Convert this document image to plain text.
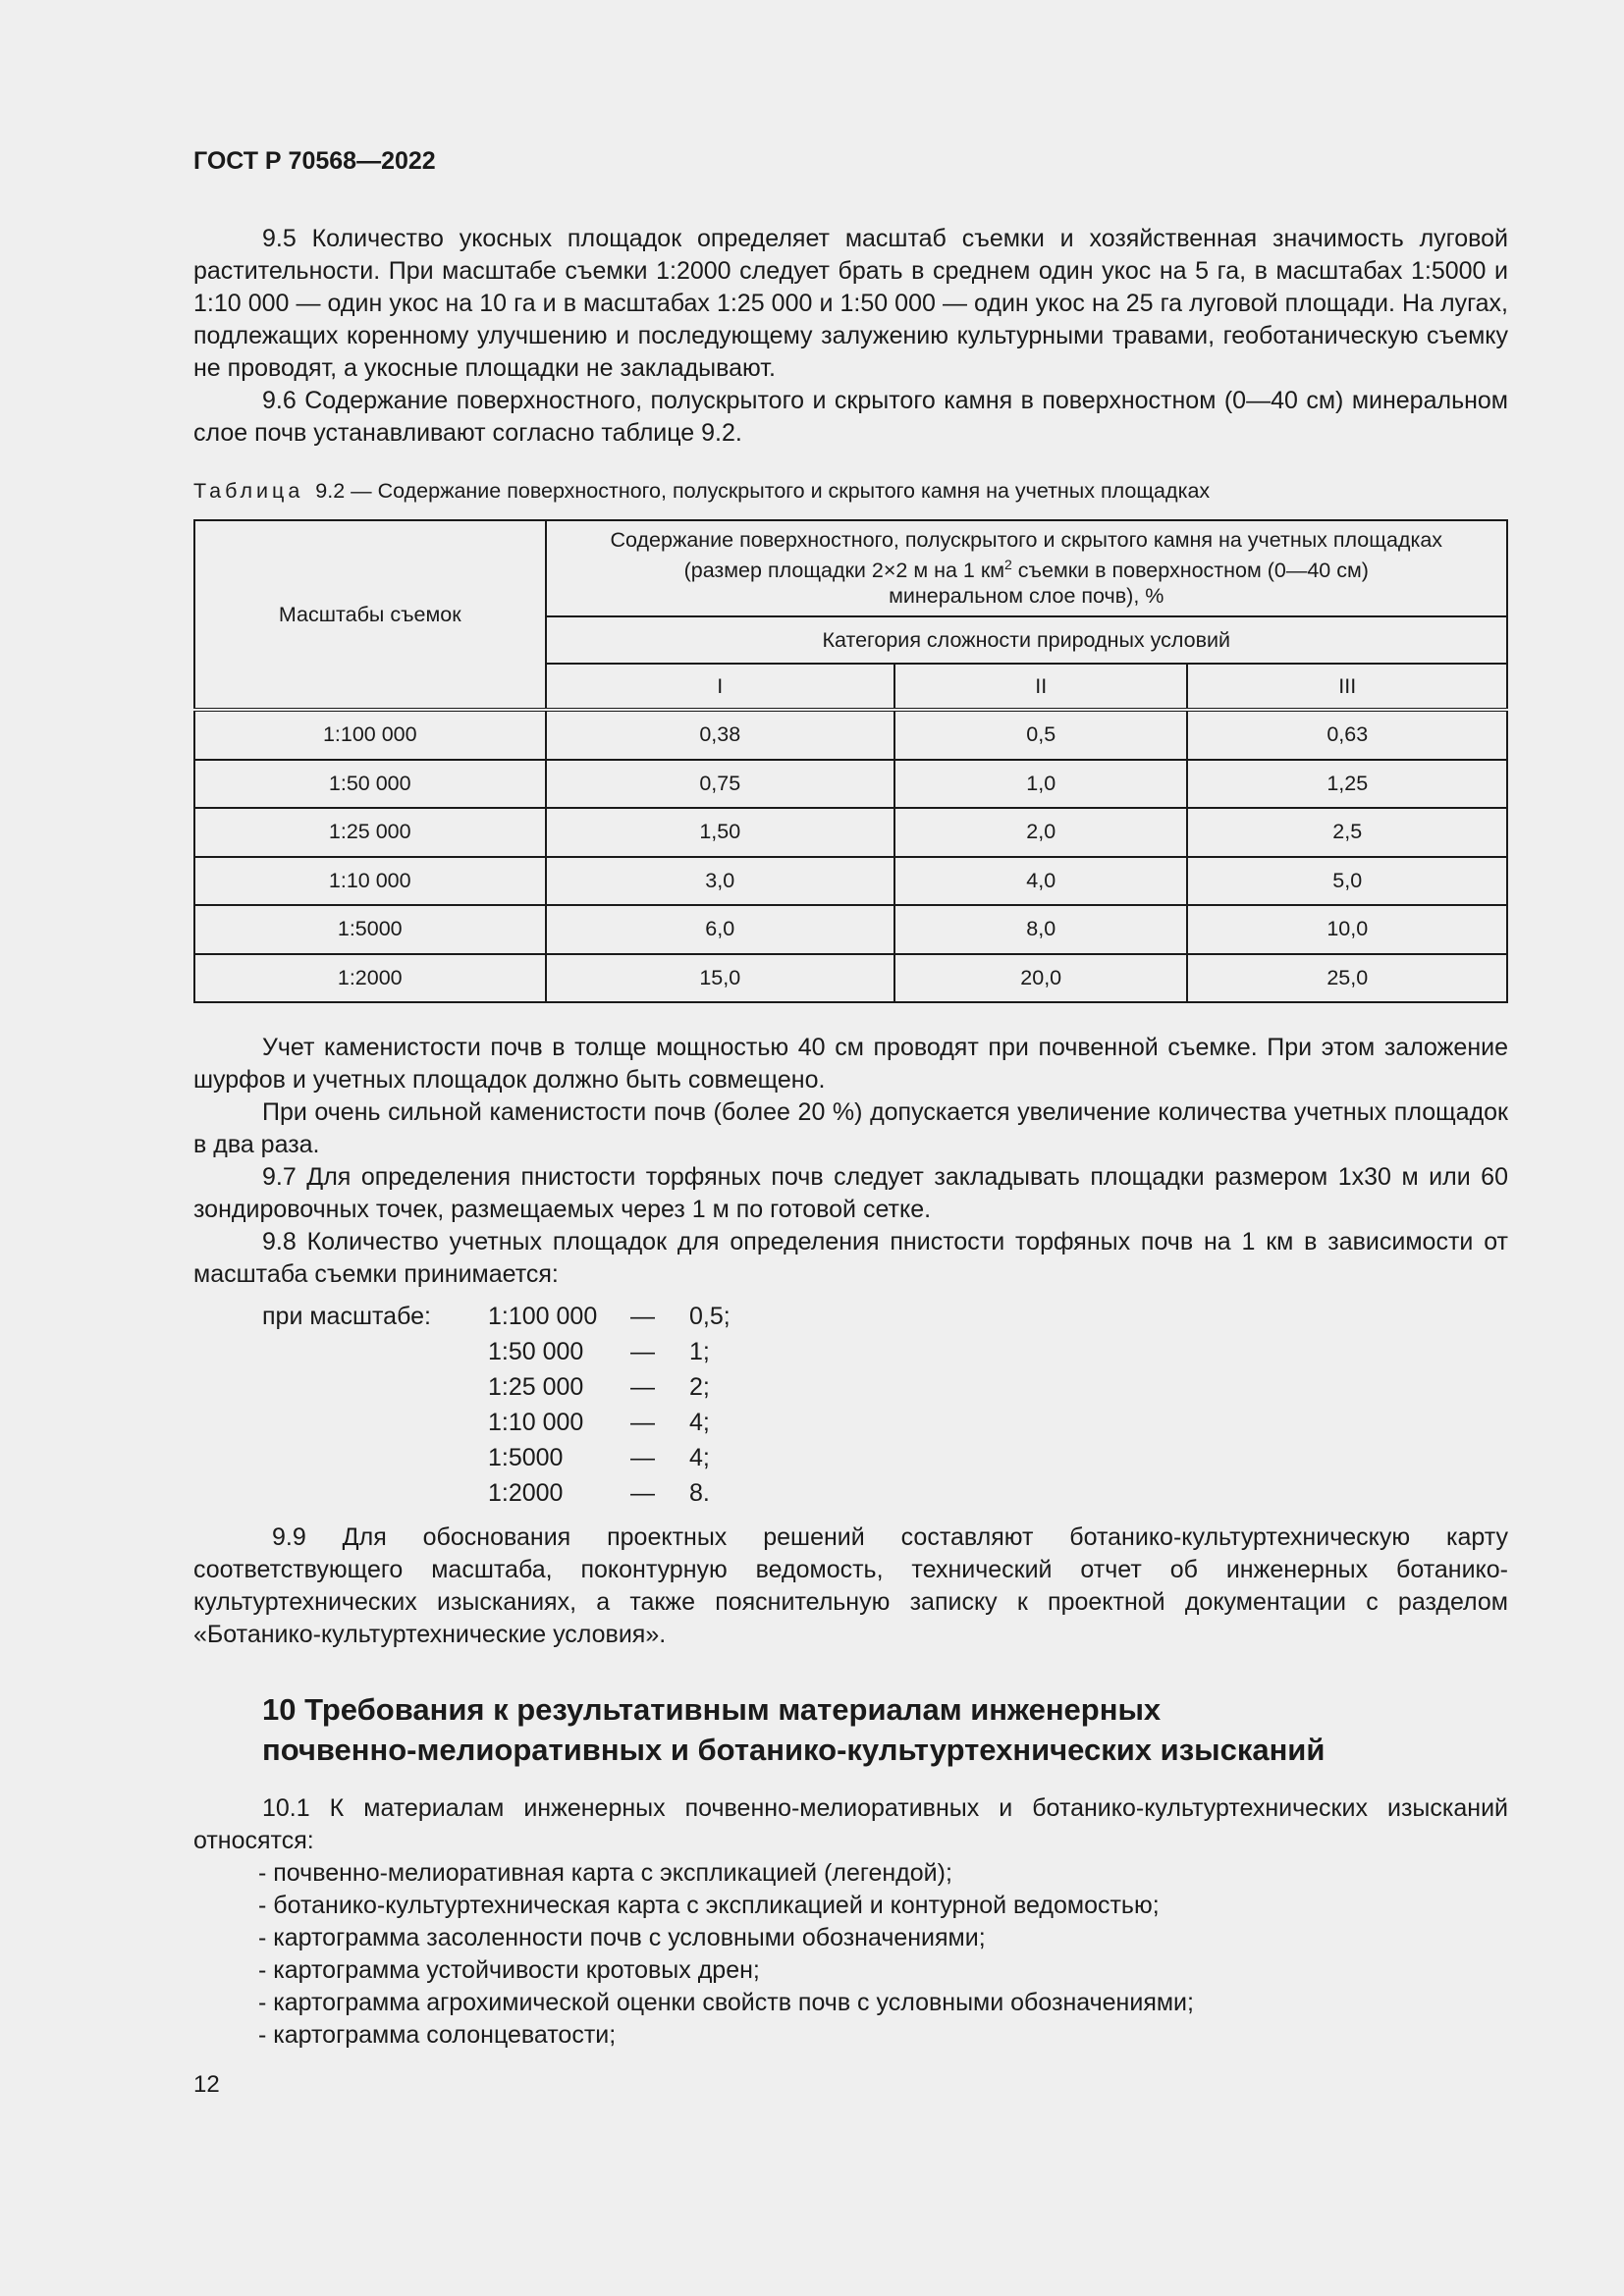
ГОСТ Р 70568—2022

9.5 Количество укосных площадок определяет масштаб съемки и хозяйственная значимость луговой растительности. При масштабе съемки 1:2000 следует брать в среднем один укос на 5 га, в масштабах 1:5000 и 1:10 000 — один укос на 10 га и в масштабах 1:25 000 и 1:50 000 — один укос на 25 га луговой площади. На лугах, подлежащих коренному улучшению и последующему залужению культурными травами, геоботаническую съемку не проводят, а укосные площадки не закладывают.

9.6 Содержание поверхностного, полускрытого и скрытого камня в поверхностном (0—40 см) минеральном слое почв устанавливают согласно таблице 9.2.

Таблица 9.2 — Содержание поверхностного, полускрытого и скрытого камня на учетных площадках
Масштабы съемок	Содержание поверхностного, полускрытого и скрытого камня на учетных площадках
(размер площадки 2×2 м на 1 $км^2$ съемки в поверхностном (0—40 см)
минеральном слое почв), %		
	Категория сложности природных условий		
	I	II	III
1:100 000	0,38	0,5	0,63
1:50 000	0,75	1,0	1,25
1:25 000	1,50	2,0	2,5
1:10 000	3,0	4,0	5,0
1:5000	6,0	8,0	10,0
1:2000	15,0	20,0	25,0

Учет каменистости почв в толще мощностью 40 см проводят при почвенной съемке. При этом заложение шурфов и учетных площадок должно быть совмещено.

При очень сильной каменистости почв (более 20 %) допускается увеличение количества учетных площадок в два раза.

9.7 Для определения пнистости торфяных почв следует закладывать площадки размером 1х30 м или 60 зондировочных точек, размещаемых через 1 м по готовой сетке.

9.8 Количество учетных площадок для определения пнистости торфяных почв на 1 км в зависимости от масштаба съемки принимается:

при масштабе:	1:100 000	—	0,5;
1:50 000	—	1;
1:25 000	—	2;
1:10 000	—	4;
1:5000	—	4;
1:2000	—	8.

9.9 Для обоснования проектных решений составляют ботанико-культуртехническую карту соответствующего масштаба, поконтурную ведомость, технический отчет об инженерных ботанико-культуртехнических изысканиях, а также пояснительную записку к проектной документации с разделом «Ботанико-культуртехнические условия».

10 Требования к результативным материалам инженерных
почвенно-мелиоративных и ботанико-культуртехнических изысканий

10.1 К материалам инженерных почвенно-мелиоративных и ботанико-культуртехнических изысканий относятся:

- почвенно-мелиоративная карта с экспликацией (легендой);
- ботанико-культуртехническая карта с экспликацией и контурной ведомостью;
- картограмма засоленности почв с условными обозначениями;
- картограмма устойчивости кротовых дрен;
- картограмма агрохимической оценки свойств почв с условными обозначениями;
- картограмма солонцеватости;
12
